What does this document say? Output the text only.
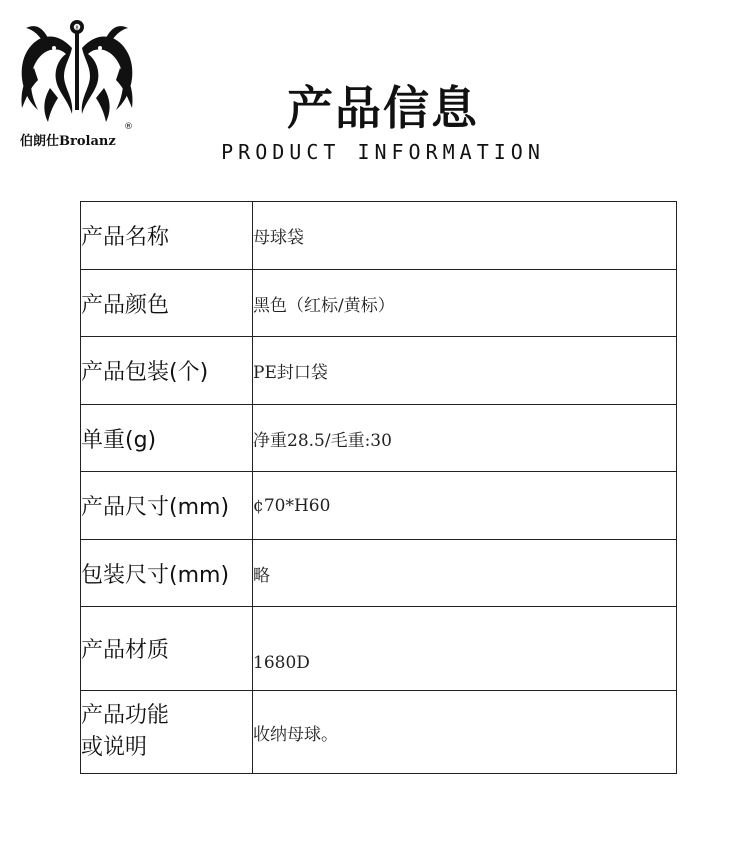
8
伯朗仕Brolanz
®	产品信息
PRODUCT INFORMATION
产品名称	母球袋
产品颜色	黑色（红标/黄标）
产品包装(个)	PE封口袋
单重(g)	净重28.5/毛重:30
产品尺寸(mm)	¢70*H60
包装尺寸(mm)	略
产品材质	1680D

产品功能
或说明	收纳母球。
